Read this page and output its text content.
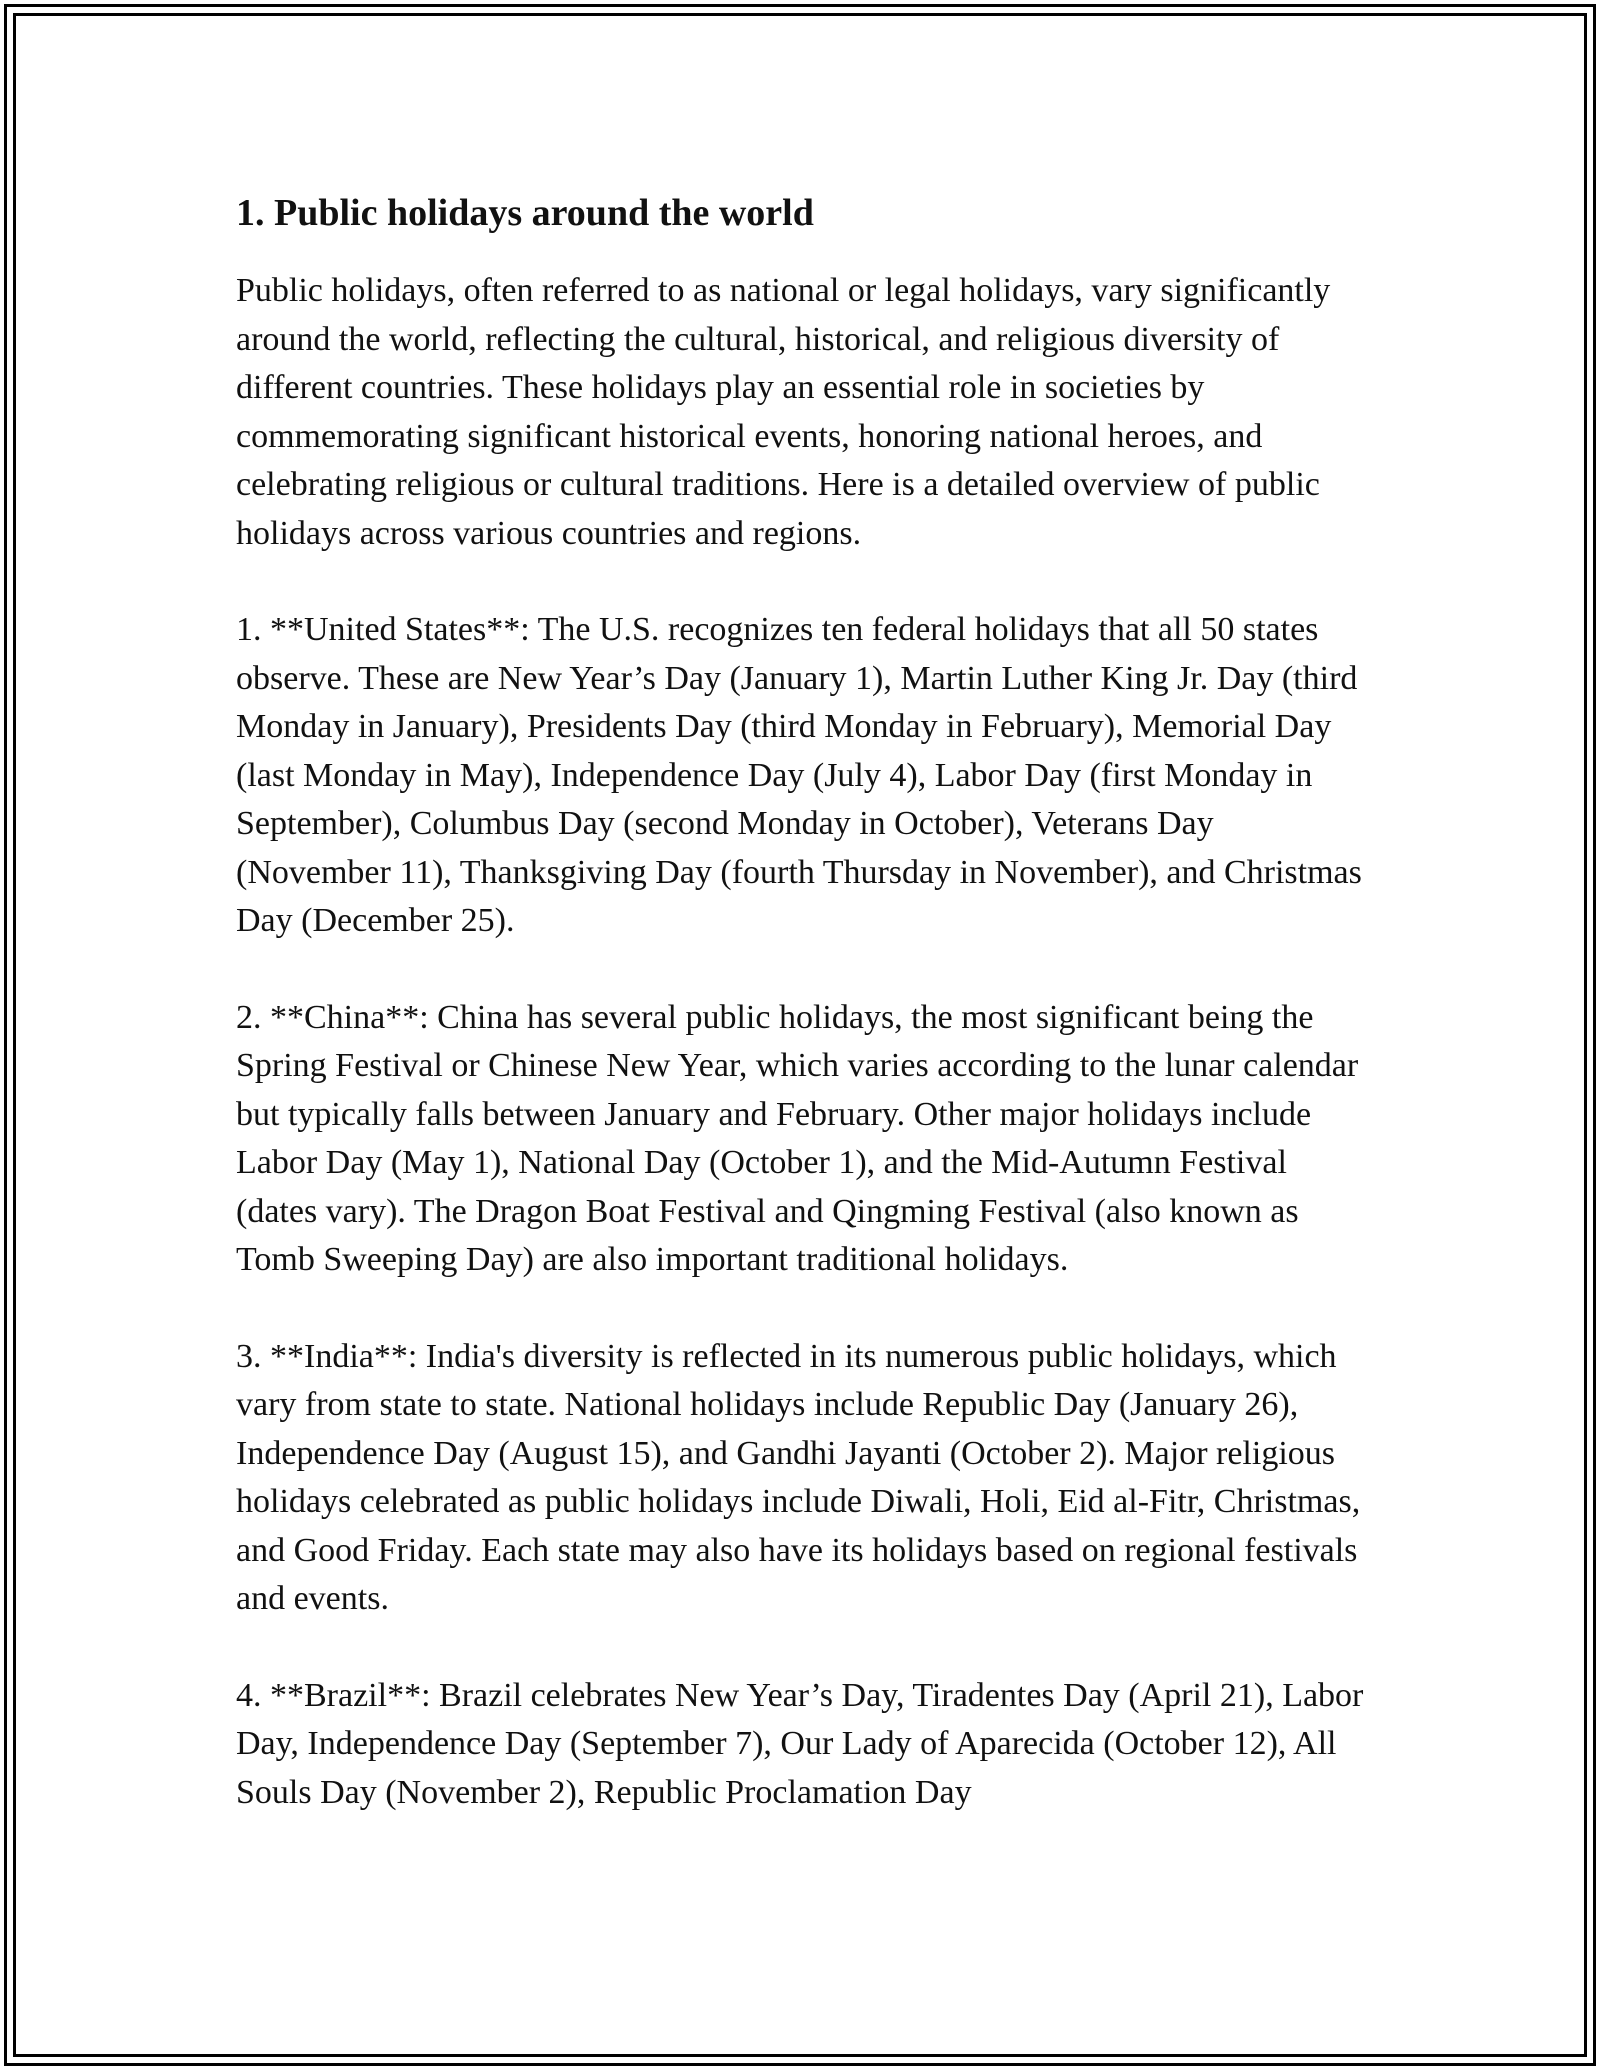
1. Public holidays around the world

Public holidays, often referred to as national or legal holidays, vary significantly around the world, reflecting the cultural, historical, and religious diversity of different countries. These holidays play an essential role in societies by commemorating significant historical events, honoring national heroes, and celebrating religious or cultural traditions. Here is a detailed overview of public holidays across various countries and regions.

1. **United States**: The U.S. recognizes ten federal holidays that all 50 states observe. These are New Year’s Day (January 1), Martin Luther King Jr. Day (third Monday in January), Presidents Day (third Monday in February), Memorial Day (last Monday in May), Independence Day (July 4), Labor Day (first Monday in September), Columbus Day (second Monday in October), Veterans Day (November 11), Thanksgiving Day (fourth Thursday in November), and Christmas Day (December 25).

2. **China**: China has several public holidays, the most significant being the Spring Festival or Chinese New Year, which varies according to the lunar calendar but typically falls between January and February. Other major holidays include Labor Day (May 1), National Day (October 1), and the Mid-Autumn Festival (dates vary). The Dragon Boat Festival and Qingming Festival (also known as Tomb Sweeping Day) are also important traditional holidays.

3. **India**: India's diversity is reflected in its numerous public holidays, which vary from state to state. National holidays include Republic Day (January 26), Independence Day (August 15), and Gandhi Jayanti (October 2). Major religious holidays celebrated as public holidays include Diwali, Holi, Eid al-Fitr, Christmas, and Good Friday. Each state may also have its holidays based on regional festivals and events.

4. **Brazil**: Brazil celebrates New Year’s Day, Tiradentes Day (April 21), Labor Day, Independence Day (September 7), Our Lady of Aparecida (October 12), All Souls Day (November 2), Republic Proclamation Day
